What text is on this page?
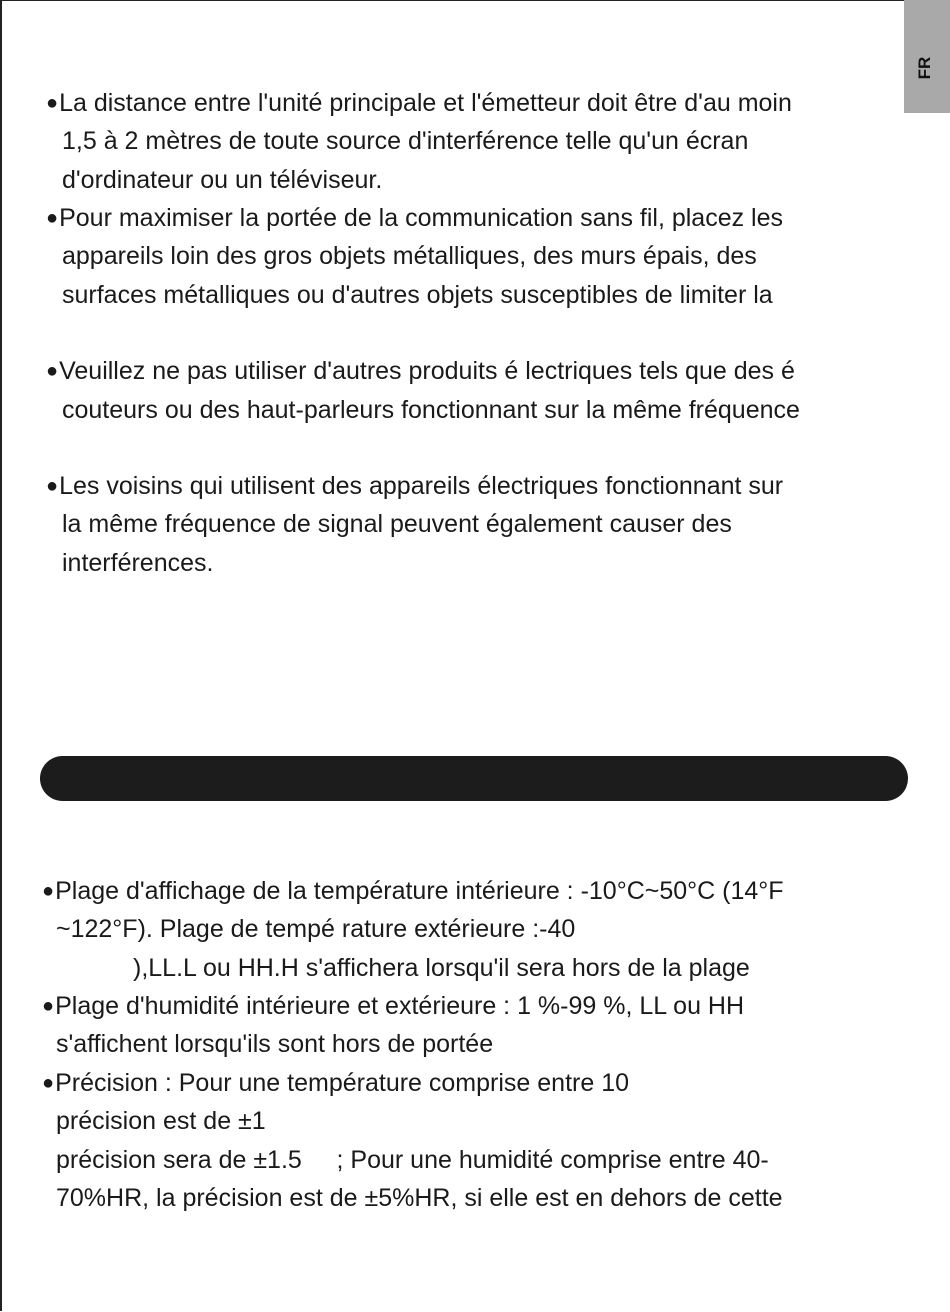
FR
●La distance entre l'unité principale et l'émetteur doit être d'au moin
1,5 à 2 mètres de toute source d'interférence telle qu'un écran
d'ordinateur ou un téléviseur.
●Pour maximiser la portée de la communication sans fil, placez les
appareils loin des gros objets métalliques, des murs épais, des
surfaces métalliques ou d'autres objets susceptibles de limiter la
●Veuillez ne pas utiliser d'autres produits é lectriques tels que des é
couteurs ou des haut-parleurs fonctionnant sur la même fréquence
●Les voisins qui utilisent des appareils électriques fonctionnant sur
la même fréquence de signal peuvent également causer des
interférences.
●Plage d'affichage de la température intérieure : -10°C~50°C (14°F
~122°F). Plage de tempé rature extérieure :-40
),LL.L ou HH.H s'affichera lorsqu'il sera hors de la plage
●Plage d'humidité intérieure et extérieure : 1 %-99 %, LL ou HH
s'affichent lorsqu'ils sont hors de portée
●Précision : Pour une température comprise entre 10
précision est de ±1
précision sera de ±1.5     ; Pour une humidité comprise entre 40-
70%HR, la précision est de ±5%HR, si elle est en dehors de cette
